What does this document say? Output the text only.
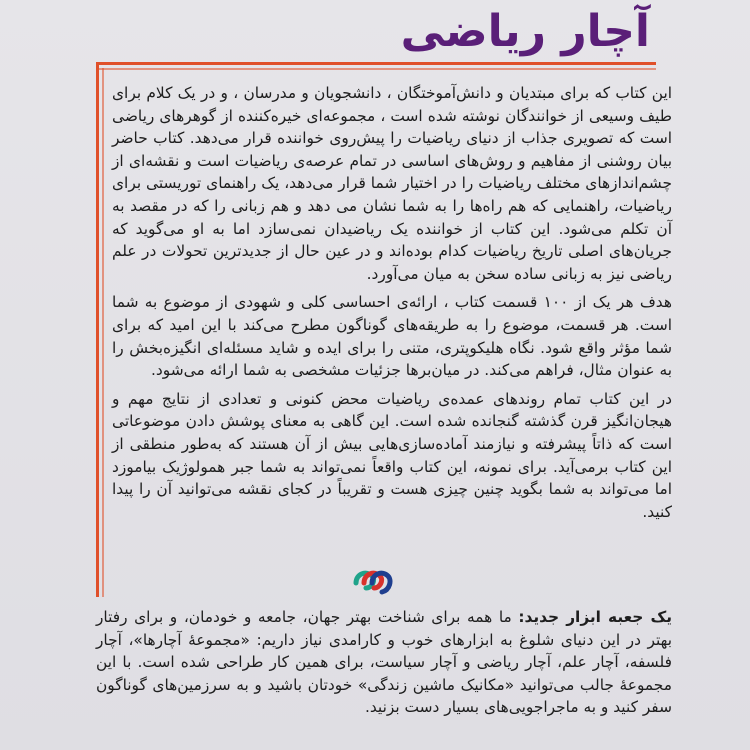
آچار ریاضی

این کتاب که برای مبتدیان و دانش‌آموختگان ، دانشجویان و مدرسان ، و در یک کلام برای طیف وسیعی از خوانندگان نوشته شده است ، مجموعه‌ای خیره‌کننده از گوهرهای ریاضی است که تصویری جذاب از دنیای ریاضیات را پیش‌روی خواننده قرار می‌دهد. کتاب حاضر بیان روشنی از مفاهیم و روش‌های اساسی در تمام عرصه‌ی ریاضیات است و نقشه‌ای از چشم‌اندازهای مختلف ریاضیات را در اختیار شما قرار می‌دهد، یک راهنمای توریستی برای ریاضیات، راهنمایی که هم راه‌ها را به شما نشان می دهد و هم زبانی را که در مقصد به آن تکلم می‌شود. این کتاب از خواننده یک ریاضیدان نمی‌سازد اما به او می‌گوید که جریان‌های اصلی تاریخ ریاضیات کدام بوده‌اند و در عین حال از جدیدترین تحولات در علم ریاضی نیز به زبانی ساده سخن به میان می‌آورد.

هدف هر یک از ۱۰۰ قسمت کتاب ، ارائه‌ی احساسی کلی و شهودی از موضوع به شما است. هر قسمت، موضوع را به طریقه‌های گوناگون مطرح می‌کند با این امید که برای شما مؤثر واقع شود. نگاه هلیکوپتری، متنی را برای ایده و شاید مسئله‌ای انگیزه‌بخش را به عنوان مثال، فراهم می‌کند. در میان‌برها جزئیات مشخصی به شما ارائه می‌شود.

در این کتاب تمام روندهای عمده‌ی ریاضیات محض کنونی و تعدادی از نتایج مهم و هیجان‌انگیز قرن گذشته گنجانده شده است. این گاهی به معنای پوشش دادن موضوعاتی است که ذاتاً پیشرفته و نیازمند آماده‌سازی‌هایی بیش از آن هستند که به‌طور منطقی از این کتاب برمی‌آید. برای نمونه، این کتاب واقعاً نمی‌تواند به شما جبر همولوژیک بیاموزد اما می‌تواند به شما بگوید چنین چیزی هست و تقریباً در کجای نقشه می‌توانید آن را پیدا کنید.

یک جعبه ابزار جدید: ما همه برای شناخت بهتر جهان، جامعه و خودمان، و برای رفتار بهتر در این دنیای شلوغ به ابزارهای خوب و کارامدی نیاز داریم: «مجموعهٔ آچارها»، آچار فلسفه، آچار علم، آچار ریاضی و آچار سیاست، برای همین کار طراحی شده است. با این مجموعهٔ جالب می‌توانید «مکانیک ماشین زندگی» خودتان باشید و به سرزمین‌های گوناگون سفر کنید و به ماجراجویی‌های بسیار دست بزنید.
